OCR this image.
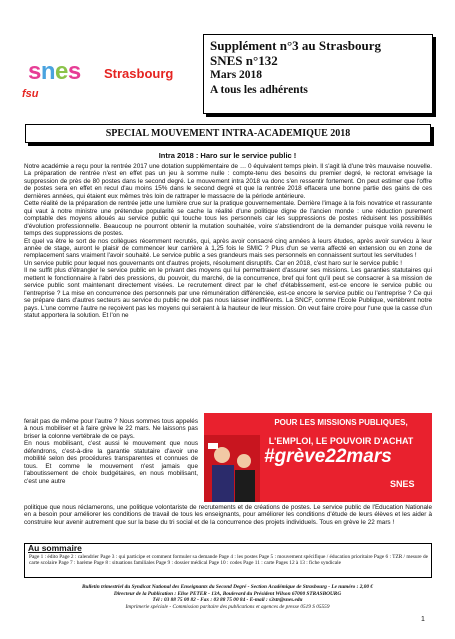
snes Strasbourg
fsu
Supplément n°3 au Strasbourg
SNES n°132
Mars 2018
A tous les adhérents
SPECIAL MOUVEMENT INTRA-ACADEMIQUE 2018
Intra 2018 : Haro sur le service public !

Notre académie a reçu pour la rentrée 2017 une dotation supplémentaire de … 0 équivalent temps plein. Il s'agit là d'une très mauvaise nouvelle. La préparation de rentrée n'est en effet pas un jeu à somme nulle : compte-tenu des besoins du premier degré, le rectorat envisage la suppression de près de 80 postes dans le second degré. Le mouvement intra 2018 va donc s'en ressentir fortement. On peut estimer que l'offre de postes sera en effet en recul d'au moins 15% dans le second degré et que la rentrée 2018 effacera une bonne partie des gains de ces dernières années, qui étaient eux mêmes très loin de rattraper le massacre de la période antérieure.

Cette réalité de la préparation de rentrée jette une lumière crue sur la pratique gouvernementale. Derrière l'image à la fois novatrice et rassurante qui vaut à notre ministre une prétendue popularité se cache la réalité d'une politique digne de l'ancien monde : une réduction purement comptable des moyens alloués au service public qui touche tous les personnels car les suppressions de postes réduisent les possibilités d'évolution professionnelle. Beaucoup ne pourront obtenir la mutation souhaitée, voire s'abstiendront de la demander puisque voilà revenu le temps des suppressions de postes.

Et quel va être le sort de nos collègues récemment recrutés, qui, après avoir consacré cinq années à leurs études, après avoir survécu à leur année de stage, auront le plaisir de commencer leur carrière à 1,25 fois le SMIC ? Plus d'un se verra affecté en extension ou en zone de remplacement sans vraiment l'avoir souhaité. Le service public a ses grandeurs mais ses personnels en connaissent surtout les servitudes !

Un service public pour lequel nos gouvernants ont d'autres projets, résolument disruptifs. Car en 2018, c'est haro sur le service public !

Il ne suffit plus d'étrangler le service public en le privant des moyens qui lui permettraient d'assurer ses missions. Les garanties statutaires qui mettent le fonctionnaire à l'abri des pressions, du pouvoir, du marché, de la concurrence, bref qui font qu'il peut se consacrer à sa mission de service public sont maintenant directement visées. Le recrutement direct par le chef d'établissement, est-ce encore le service public ou l'entreprise ? La mise en concurrence des personnels par une rémunération différenciée, est-ce encore le service public ou l'entreprise ? Ce qui se prépare dans d'autres secteurs au service du public ne doit pas nous laisser indifférents. La SNCF, comme l'Ecole Publique, vertèbrent notre pays. L'une comme l'autre ne reçoivent pas les moyens qui seraient à la hauteur de leur mission. On veut faire croire pour l'une que la casse d'un statut apportera la solution. Et l'on ne

ferait pas de même pour l'autre ? Nous sommes tous appelés à nous mobiliser et à faire grève le 22 mars. Ne laissons pas briser la colonne vertébrale de ce pays.

En nous mobilisant, c'est aussi le mouvement que nous défendrons, c'est-à-dire la garantie statutaire d'avoir une mobilité selon des procédures transparentes et connues de tous. Et comme le mouvement n'est jamais que l'aboutissement de choix budgétaires, en nous mobilisant, c'est une autre

POUR LES MISSIONS PUBLIQUES,
L'EMPLOI, LE POUVOIR D'ACHAT
#grève22mars
SNES

politique que nous réclamerons, une politique volontariste de recrutements et de créations de postes. Le service public de l'Education Nationale en a besoin pour améliorer les conditions de travail de tous les enseignants, pour améliorer les conditions d'étude de leurs élèves et les aider à construire leur avenir autrement que sur la base du tri social et de la concurrence des projets individuels. Tous en grève le 22 mars !

Au sommaire
Page 1 : édito Page 2 : calendrier Page 3 : qui participe et comment formuler sa demande Page 4 : les postes Page 5 : mouvement spécifique / éducation prioritaire Page 6 : TZR / mesure de carte scolaire Page 7 : barème Page 8 : situations familiales Page 9 : dossier médical Page 10 : codes Page 11 : carte Pages 12 à 13 : fiche syndicale
Bulletin trimestriel du Syndicat National des Enseignants du Second Degré - Section Académique de Strasbourg - Le numéro : 2,00 €
Directeur de la Publication : Elise PETER - 13A, Boulevard du Président Wilson 67000 STRASBOURG
Tél : 03 88 75 00 82 - Fax : 03 88 75 00 84 - E-mail : s3str@snes.edu
Imprimerie spéciale - Commission paritaire des publications et agences de presse 0519 S 05559
1
